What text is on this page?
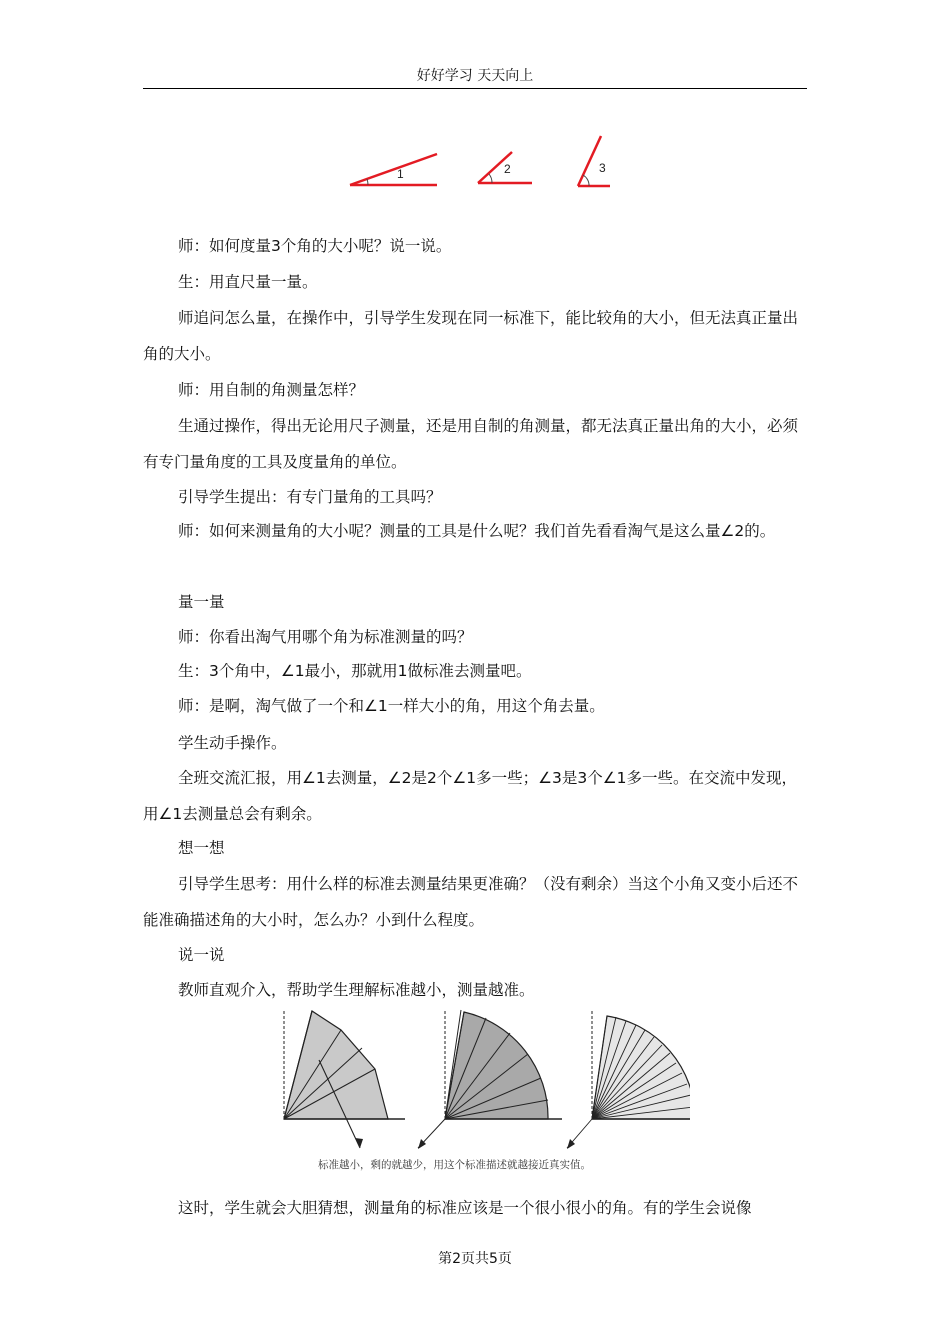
好好学习 天天向上
1	2	3

师：如何度量3个角的大小呢？说一说。

生：用直尺量一量。

师追问怎么量，在操作中，引导学生发现在同一标准下，能比较角的大小，但无法真正量出角的大小。

师：用自制的角测量怎样？

生通过操作，得出无论用尺子测量，还是用自制的角测量，都无法真正量出角的大小，必须有专门量角度的工具及度量角的单位。

引导学生提出：有专门量角的工具吗？

师：如何来测量角的大小呢？测量的工具是什么呢？我们首先看看淘气是这么量∠2的。

量一量

师：你看出淘气用哪个角为标准测量的吗？

生：3个角中，∠1最小，那就用1做标准去测量吧。

师：是啊，淘气做了一个和∠1一样大小的角，用这个角去量。

学生动手操作。

全班交流汇报，用∠1去测量，∠2是2个∠1多一些；∠3是3个∠1多一些。在交流中发现，用∠1去测量总会有剩余。

想一想

引导学生思考：用什么样的标准去测量结果更准确？（没有剩余）当这个小角又变小后还不能准确描述角的大小时，怎么办？小到什么程度。

说一说

教师直观介入，帮助学生理解标准越小，测量越准。

标准越小，剩的就越少，用这个标准描述就越接近真实值。

这时，学生就会大胆猜想，测量角的标准应该是一个很小很小的角。有的学生会说像

第2页共5页
